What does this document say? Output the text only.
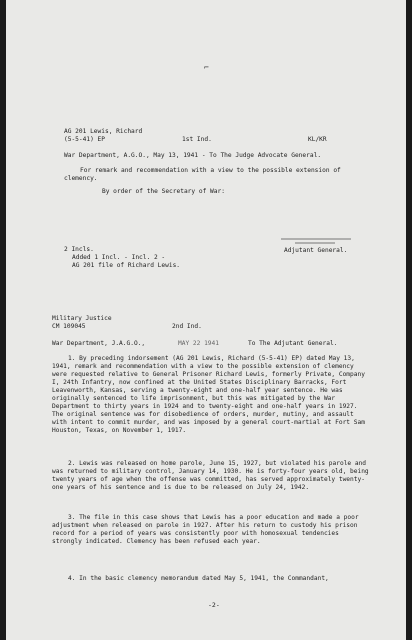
⌐
AG 201 Lewis, Richard
(5-5-41) EP	1st Ind.	KL/KR
War Department, A.G.O., May 13, 1941 - To The Judge Advocate General.
For remark and recommendation with a view to the possible extension of clemency.
By order of the Secretary of War:
Adjutant General.
2 Incls.
Added 1 Incl. - Incl. 2 -
AG 201 file of Richard Lewis.
Military Justice
CM 109045	2nd Ind.
War Department, J.A.G.O.,	MAY 22 1941	To The Adjutant General.
1. By preceding indorsement (AG 201 Lewis, Richard (5-5-41) EP) dated May 13, 1941, remark and recommendation with a view to the possible extension of clemency were requested relative to General Prisoner Richard Lewis, formerly Private, Company I, 24th Infantry, now confined at the United States Disciplinary Barracks, Fort Leavenworth, Kansas, serving a twenty-eight and one-half year sentence. He was originally sentenced to life imprisonment, but this was mitigated by the War Department to thirty years in 1924 and to twenty-eight and one-half years in 1927. The original sentence was for disobedience of orders, murder, mutiny, and assault with intent to commit murder, and was imposed by a general court-martial at Fort Sam Houston, Texas, on November 1, 1917.
2. Lewis was released on home parole, June 15, 1927, but violated his parole and was returned to military control, January 14, 1930. He is forty-four years old, being twenty years of age when the offense was committed, has served approximately twenty-one years of his sentence and is due to be released on July 24, 1942.
3. The file in this case shows that Lewis has a poor education and made a poor adjustment when released on parole in 1927. After his return to custody his prison record for a period of years was consistently poor with homosexual tendencies strongly indicated. Clemency has been refused each year.
4. In the basic clemency memorandum dated May 5, 1941, the Commandant,
-2-
